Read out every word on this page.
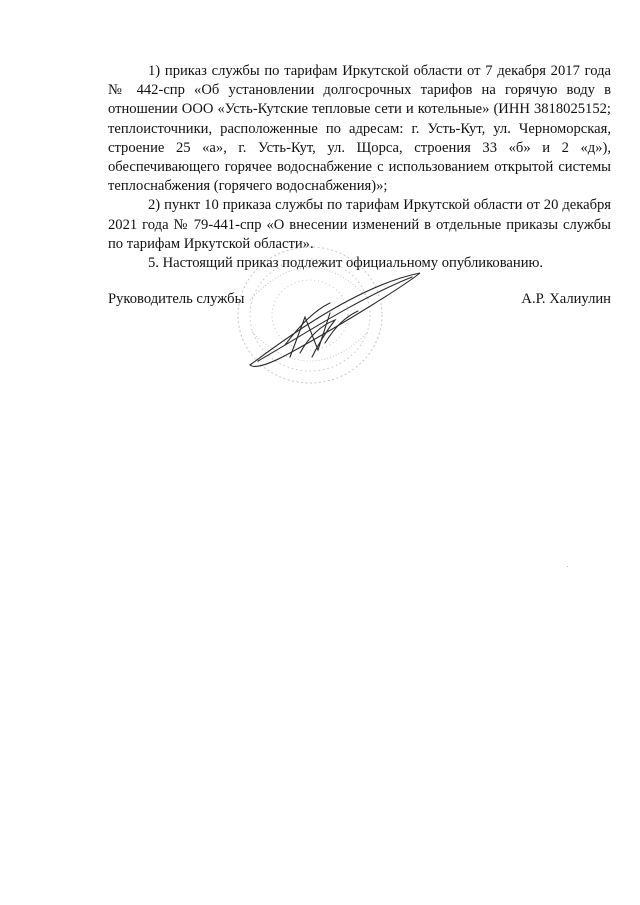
1) приказ службы по тарифам Иркутской области от 7 декабря 2017 года № 442-спр «Об установлении долгосрочных тарифов на горячую воду в отношении ООО «Усть-Кутские тепловые сети и котельные» (ИНН 3818025152; теплоисточники, расположенные по адресам: г. Усть-Кут, ул. Черноморская, строение 25 «а», г. Усть-Кут, ул. Щорса, строения 33 «б» и 2 «д»), обеспечивающего горячее водоснабжение с использованием открытой системы теплоснабжения (горячего водоснабжения)»;

2) пункт 10 приказа службы по тарифам Иркутской области от 20 декабря 2021 года № 79-441-спр «О внесении изменений в отдельные приказы службы по тарифам Иркутской области».

5. Настоящий приказ подлежит официальному опубликованию.

Руководитель службы	А.Р. Халиулин
